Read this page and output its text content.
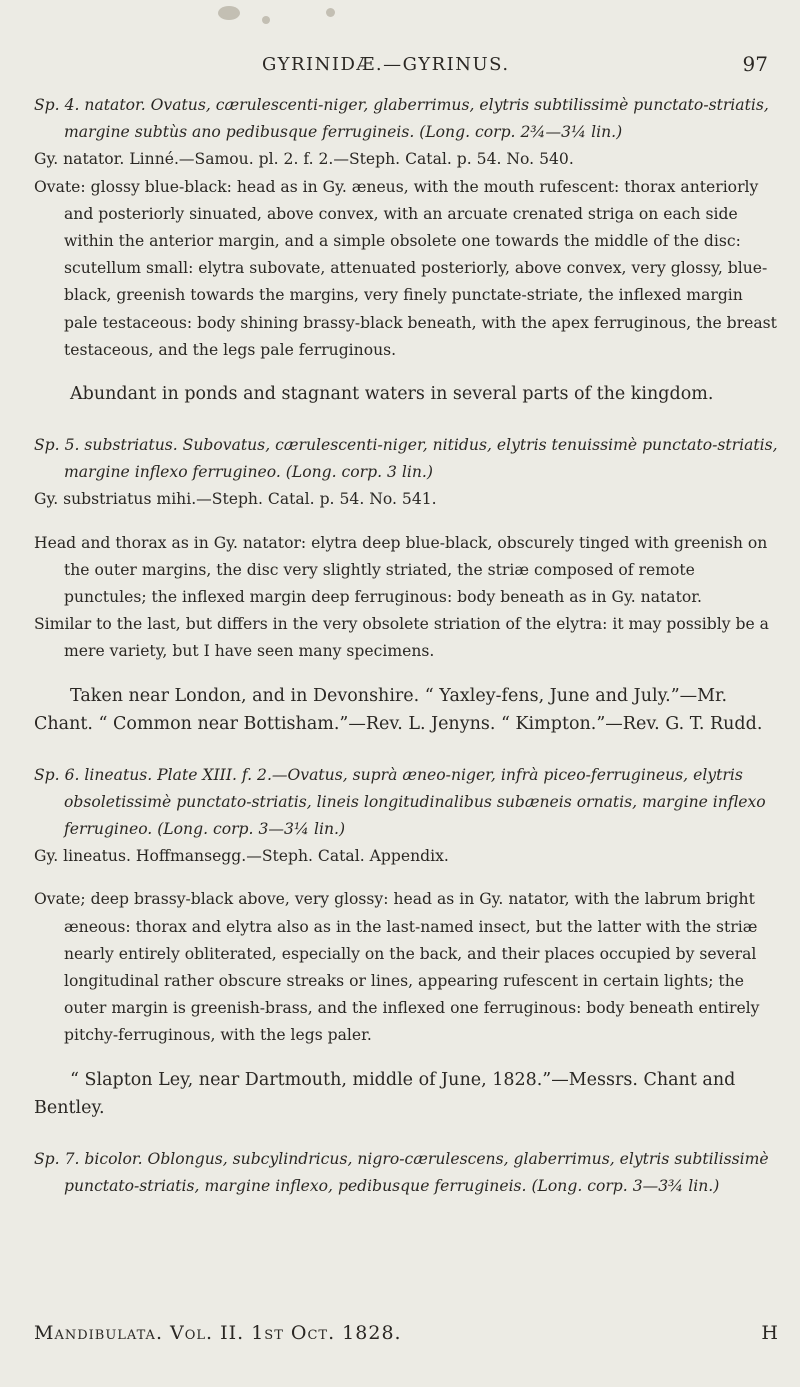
GYRINIDÆ.—GYRINUS.	97

Sp. 4. natator. Ovatus, cærulescenti-niger, glaberrimus, elytris subtilissimè punctato-striatis, margine subtùs ano pedibusque ferrugineis. (Long. corp. 2¾—3¼ lin.)

Gy. natator. Linné.—Samou. pl. 2. f. 2.—Steph. Catal. p. 54. No. 540.

Ovate: glossy blue-black: head as in Gy. æneus, with the mouth rufescent: thorax anteriorly and posteriorly sinuated, above convex, with an arcuate crenated striga on each side within the anterior margin, and a simple obsolete one towards the middle of the disc: scutellum small: elytra subovate, attenuated posteriorly, above convex, very glossy, blue-black, greenish towards the margins, very finely punctate-striate, the inflexed margin pale testaceous: body shining brassy-black beneath, with the apex ferruginous, the breast testaceous, and the legs pale ferruginous.

Abundant in ponds and stagnant waters in several parts of the kingdom.

Sp. 5. substriatus. Subovatus, cærulescenti-niger, nitidus, elytris tenuissimè punctato-striatis, margine inflexo ferrugineo. (Long. corp. 3 lin.)

Gy. substriatus mihi.—Steph. Catal. p. 54. No. 541.

Head and thorax as in Gy. natator: elytra deep blue-black, obscurely tinged with greenish on the outer margins, the disc very slightly striated, the striæ composed of remote punctules; the inflexed margin deep ferruginous: body beneath as in Gy. natator.

Similar to the last, but differs in the very obsolete striation of the elytra: it may possibly be a mere variety, but I have seen many specimens.

Taken near London, and in Devonshire. “ Yaxley-fens, June and July.”—Mr. Chant. “ Common near Bottisham.”—Rev. L. Jenyns. “ Kimpton.”—Rev. G. T. Rudd.

Sp. 6. lineatus. Plate XIII. f. 2.—Ovatus, suprà æneo-niger, infrà piceo-ferrugineus, elytris obsoletissimè punctato-striatis, lineis longitudinalibus subæneis ornatis, margine inflexo ferrugineo. (Long. corp. 3—3¼ lin.)

Gy. lineatus. Hoffmansegg.—Steph. Catal. Appendix.

Ovate; deep brassy-black above, very glossy: head as in Gy. natator, with the labrum bright æneous: thorax and elytra also as in the last-named insect, but the latter with the striæ nearly entirely obliterated, especially on the back, and their places occupied by several longitudinal rather obscure streaks or lines, appearing rufescent in certain lights; the outer margin is greenish-brass, and the inflexed one ferruginous: body beneath entirely pitchy-ferruginous, with the legs paler.

“ Slapton Ley, near Dartmouth, middle of June, 1828.”—Messrs. Chant and Bentley.

Sp. 7. bicolor. Oblongus, subcylindricus, nigro-cærulescens, glaberrimus, elytris subtilissimè punctato-striatis, margine inflexo, pedibusque ferrugineis. (Long. corp. 3—3¾ lin.)

Mandibulata. Vol. II. 1st Oct. 1828.	H
